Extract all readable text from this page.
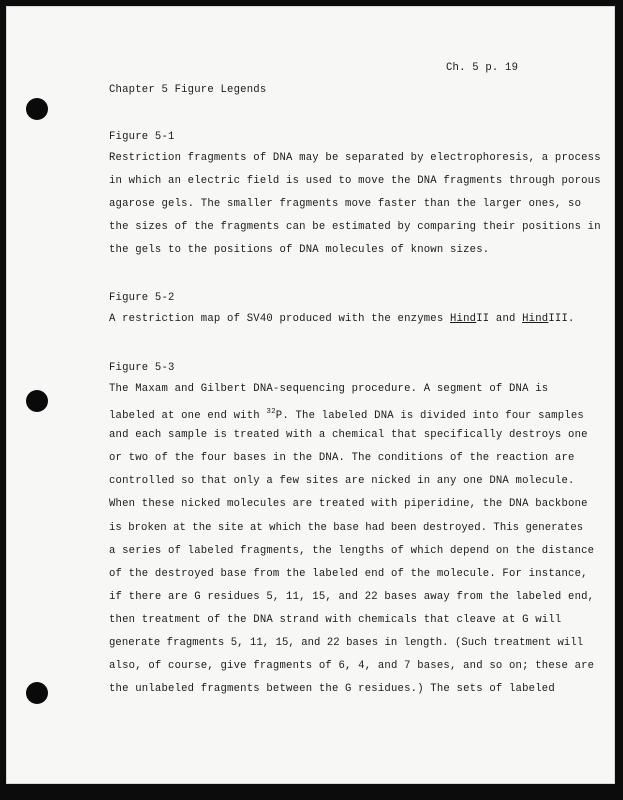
Ch. 5 p. 19
Chapter 5 Figure Legends
Figure 5-1
Restriction fragments of DNA may be separated by electrophoresis, a process
in which an electric field is used to move the DNA fragments through porous
agarose gels. The smaller fragments move faster than the larger ones, so
the sizes of the fragments can be estimated by comparing their positions in
the gels to the positions of DNA molecules of known sizes.
Figure 5-2
A restriction map of SV40 produced with the enzymes HindII and HindIII.
Figure 5-3
The Maxam and Gilbert DNA-sequencing procedure. A segment of DNA is
labeled at one end with $^{32}$P. The labeled DNA is divided into four samples
and each sample is treated with a chemical that specifically destroys one
or two of the four bases in the DNA. The conditions of the reaction are
controlled so that only a few sites are nicked in any one DNA molecule.
When these nicked molecules are treated with piperidine, the DNA backbone
is broken at the site at which the base had been destroyed. This generates
a series of labeled fragments, the lengths of which depend on the distance
of the destroyed base from the labeled end of the molecule. For instance,
if there are G residues 5, 11, 15, and 22 bases away from the labeled end,
then treatment of the DNA strand with chemicals that cleave at G will
generate fragments 5, 11, 15, and 22 bases in length. (Such treatment will
also, of course, give fragments of 6, 4, and 7 bases, and so on; these are
the unlabeled fragments between the G residues.) The sets of labeled
